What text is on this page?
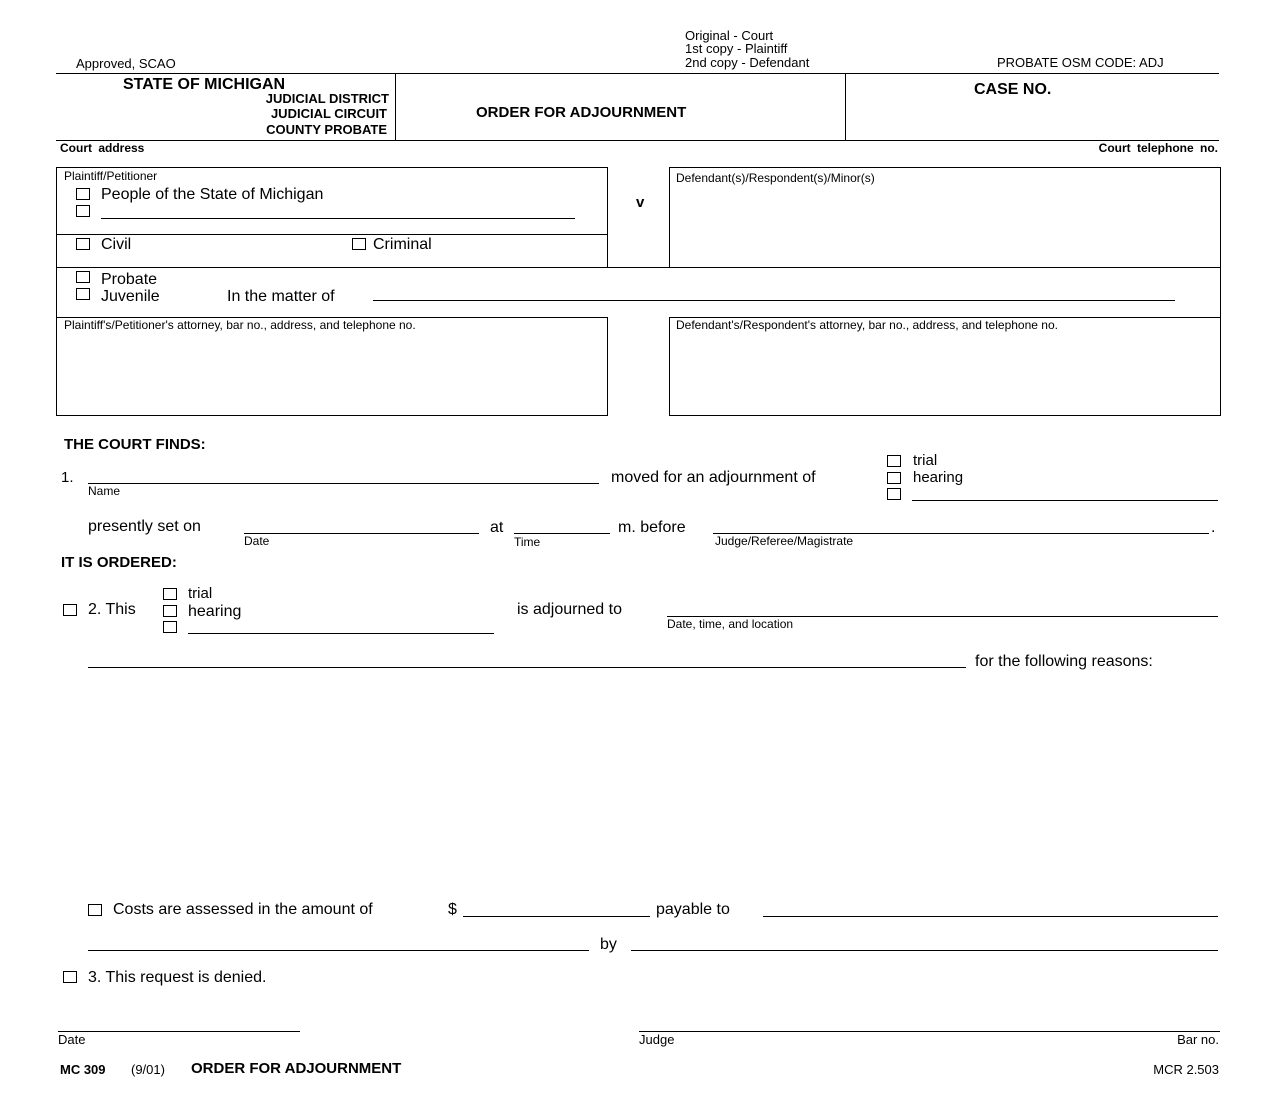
Approved, SCAO
Original - Court
1st copy - Plaintiff
2nd copy - Defendant	PROBATE OSM CODE: ADJ
STATE OF MICHIGAN
JUDICIAL DISTRICT
JUDICIAL CIRCUIT
COUNTY PROBATE
ORDER FOR ADJOURNMENT
CASE NO.
Court address	Court telephone no.
Plaintiff/Petitioner
People of the State of Michigan
Civil	Criminal
v
Defendant(s)/Respondent(s)/Minor(s)
Probate
Juvenile	In the matter of
Plaintiff's/Petitioner's attorney, bar no., address, and telephone no.	Defendant's/Respondent's attorney, bar no., address, and telephone no.
THE COURT FINDS:
1.
Name
moved for an adjournment of
trial
hearing
presently set on
Date
at
Time
m. before
Judge/Referee/Magistrate
.
IT IS ORDERED:
2. This
trial
hearing	is adjourned to
Date, time, and location
for the following reasons:
Costs are assessed in the amount of	$	payable to
by
3. This request is denied.
Date	Judge	Bar no.
MC 309 (9/01) ORDER FOR ADJOURNMENT	MCR 2.503
